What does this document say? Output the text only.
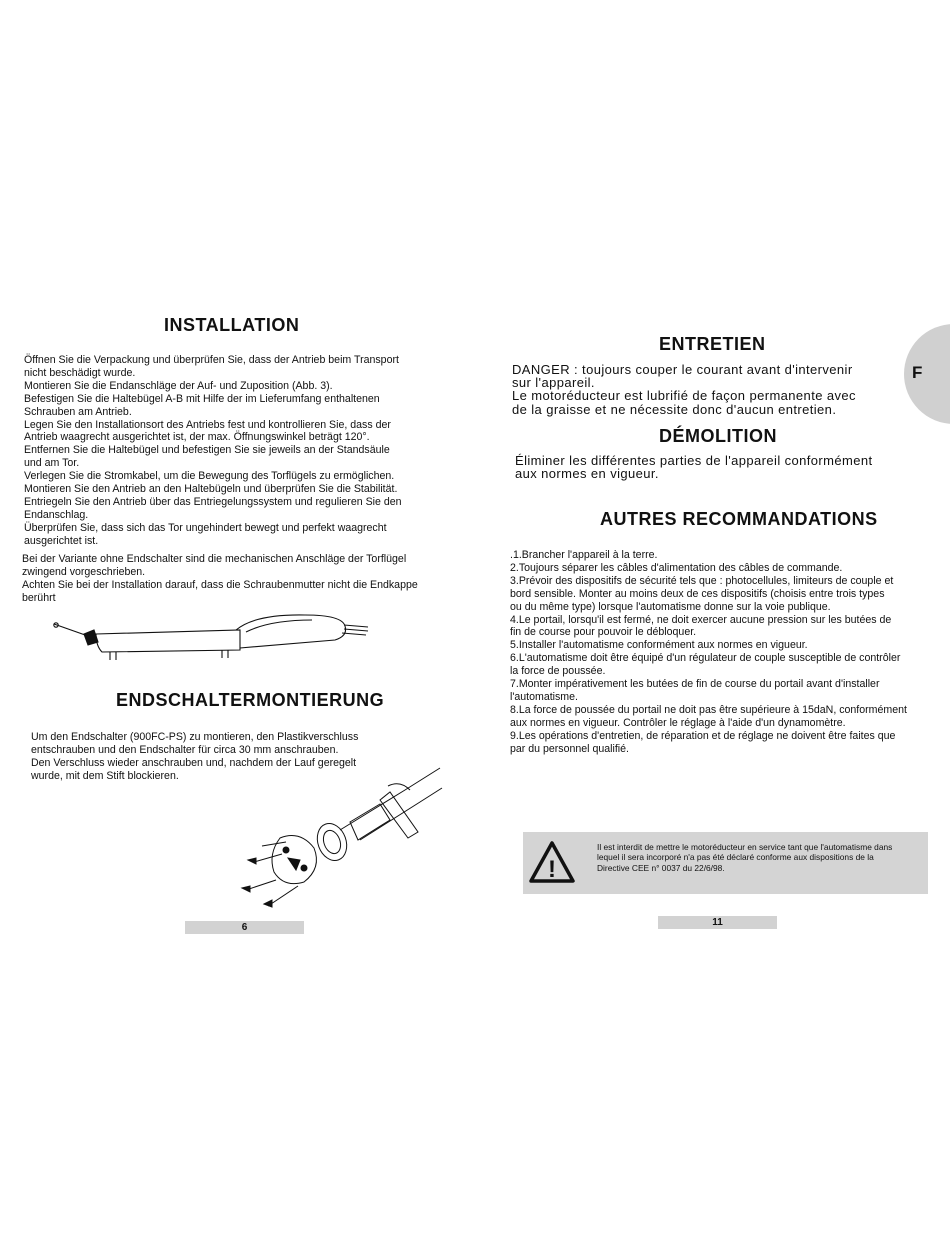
INSTALLATION
Öffnen Sie die Verpackung und überprüfen Sie, dass der Antrieb beim Transport
nicht beschädigt wurde.
Montieren Sie die Endanschläge der Auf- und Zuposition (Abb. 3).
Befestigen Sie die Haltebügel A-B mit Hilfe der im Lieferumfang enthaltenen
Schrauben am Antrieb.
Legen Sie den Installationsort des Antriebs fest und kontrollieren Sie, dass der
Antrieb waagrecht ausgerichtet ist, der max. Öffnungswinkel beträgt 120°.
Entfernen Sie die Haltebügel und befestigen Sie sie jeweils an der Standsäule
und am Tor.
Verlegen Sie die Stromkabel, um die Bewegung des Torflügels zu ermöglichen.
Montieren Sie den Antrieb an den Haltebügeln und überprüfen Sie die Stabilität.
Entriegeln Sie den Antrieb über das Entriegelungssystem und regulieren Sie den
Endanschlag.
Überprüfen Sie, dass sich das Tor ungehindert bewegt und perfekt waagrecht
ausgerichtet ist.
Bei der Variante ohne Endschalter sind die mechanischen Anschläge der Torflügel
zwingend vorgeschrieben.
Achten Sie bei der Installation darauf, dass die Schraubenmutter nicht die Endkappe
berührt
ENDSCHALTERMONTIERUNG
Um den Endschalter (900FC-PS) zu montieren, den Plastikverschluss
entschrauben und den Endschalter für circa 30 mm anschrauben.
Den Verschluss wieder anschrauben und, nachdem der Lauf geregelt
wurde, mit dem Stift blockieren.
6
F
ENTRETIEN
DANGER : toujours couper le courant avant d'intervenir
sur l'appareil.
Le motoréducteur est lubrifié de façon permanente avec
de la graisse et ne nécessite donc d'aucun entretien.
DÉMOLITION
Éliminer les différentes parties de l'appareil conformément
aux normes en vigueur.
AUTRES RECOMMANDATIONS
.1.Brancher l'appareil à la terre.
2.Toujours séparer les câbles d'alimentation des câbles de commande.
3.Prévoir des dispositifs de sécurité tels que : photocellules, limiteurs de couple et
bord sensible. Monter au moins deux de ces dispositifs (choisis entre trois types
ou du même type) lorsque l'automatisme donne sur la voie publique.
4.Le portail, lorsqu'il est fermé, ne doit exercer aucune pression sur les butées de
fin de course pour pouvoir le débloquer.
5.Installer l'automatisme conformément aux normes en vigueur.
6.L'automatisme doit être équipé d'un régulateur de couple susceptible de contrôler
la force de poussée.
7.Monter impérativement les butées de fin de course du portail avant d'installer
l'automatisme.
8.La force de poussée du portail ne doit pas être supérieure à 15daN, conformément
aux normes en vigueur. Contrôler le réglage à l'aide d'un dynamomètre.
9.Les opérations d'entretien, de réparation et de réglage ne doivent être faites que
par du personnel qualifié.
!
Il est interdit de mettre le motoréducteur en service tant que l'automatisme dans
lequel il sera incorporé n'a pas été déclaré conforme aux dispositions de la
Directive CEE n° 0037 du 22/6/98.
11
